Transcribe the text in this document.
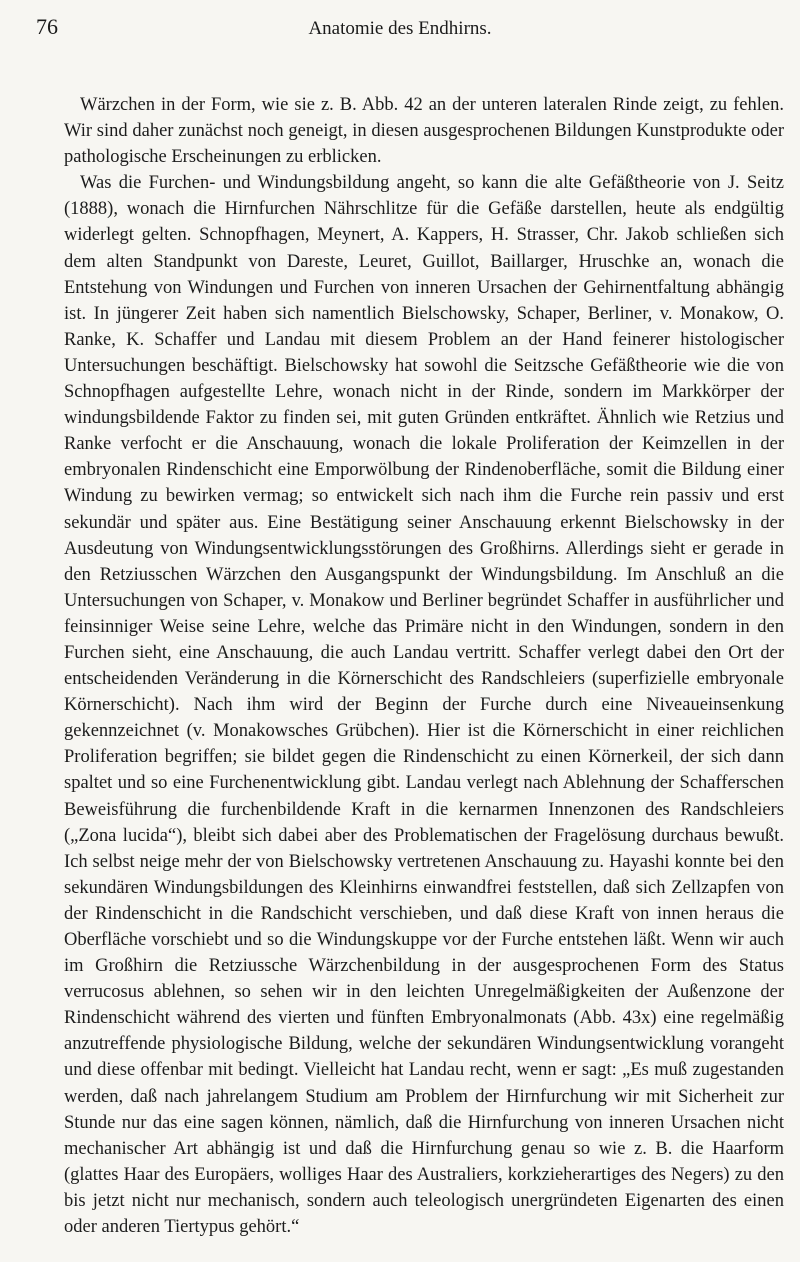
76	Anatomie des Endhirns.

Wärzchen in der Form, wie sie z. B. Abb. 42 an der unteren lateralen Rinde zeigt, zu fehlen. Wir sind daher zunächst noch geneigt, in diesen ausgesprochenen Bildungen Kunstprodukte oder pathologische Erscheinungen zu erblicken.

Was die Furchen- und Windungsbildung angeht, so kann die alte Gefäßtheorie von J. Seitz (1888), wonach die Hirnfurchen Nährschlitze für die Gefäße darstellen, heute als endgültig widerlegt gelten. Schnopfhagen, Meynert, A. Kappers, H. Strasser, Chr. Jakob schließen sich dem alten Standpunkt von Dareste, Leuret, Guillot, Baillarger, Hruschke an, wonach die Entstehung von Windungen und Furchen von inneren Ursachen der Gehirnentfaltung abhängig ist. In jüngerer Zeit haben sich namentlich Bielschowsky, Schaper, Berliner, v. Monakow, O. Ranke, K. Schaffer und Landau mit diesem Problem an der Hand feinerer histologischer Untersuchungen beschäftigt. Bielschowsky hat sowohl die Seitzsche Gefäßtheorie wie die von Schnopfhagen aufgestellte Lehre, wonach nicht in der Rinde, sondern im Markkörper der windungsbildende Faktor zu finden sei, mit guten Gründen entkräftet. Ähnlich wie Retzius und Ranke verfocht er die Anschauung, wonach die lokale Proliferation der Keimzellen in der embryonalen Rindenschicht eine Emporwölbung der Rindenoberfläche, somit die Bildung einer Windung zu bewirken vermag; so entwickelt sich nach ihm die Furche rein passiv und erst sekundär und später aus. Eine Bestätigung seiner Anschauung erkennt Bielschowsky in der Ausdeutung von Windungsentwicklungsstörungen des Großhirns. Allerdings sieht er gerade in den Retziusschen Wärzchen den Ausgangspunkt der Windungsbildung. Im Anschluß an die Untersuchungen von Schaper, v. Monakow und Berliner begründet Schaffer in ausführlicher und feinsinniger Weise seine Lehre, welche das Primäre nicht in den Windungen, sondern in den Furchen sieht, eine Anschauung, die auch Landau vertritt. Schaffer verlegt dabei den Ort der entscheidenden Veränderung in die Körnerschicht des Randschleiers (superfizielle embryonale Körnerschicht). Nach ihm wird der Beginn der Furche durch eine Niveaueinsenkung gekennzeichnet (v. Monakowsches Grübchen). Hier ist die Körnerschicht in einer reichlichen Proliferation begriffen; sie bildet gegen die Rindenschicht zu einen Körnerkeil, der sich dann spaltet und so eine Furchenentwicklung gibt. Landau verlegt nach Ablehnung der Schafferschen Beweisführung die furchenbildende Kraft in die kernarmen Innenzonen des Randschleiers („Zona lucida“), bleibt sich dabei aber des Problematischen der Fragelösung durchaus bewußt. Ich selbst neige mehr der von Bielschowsky vertretenen Anschauung zu. Hayashi konnte bei den sekundären Windungsbildungen des Kleinhirns einwandfrei feststellen, daß sich Zellzapfen von der Rindenschicht in die Randschicht verschieben, und daß diese Kraft von innen heraus die Oberfläche vorschiebt und so die Windungskuppe vor der Furche entstehen läßt. Wenn wir auch im Großhirn die Retziussche Wärzchenbildung in der ausgesprochenen Form des Status verrucosus ablehnen, so sehen wir in den leichten Unregelmäßigkeiten der Außenzone der Rindenschicht während des vierten und fünften Embryonalmonats (Abb. 43x) eine regelmäßig anzutreffende physiologische Bildung, welche der sekundären Windungsentwicklung vorangeht und diese offenbar mit bedingt. Vielleicht hat Landau recht, wenn er sagt: „Es muß zugestanden werden, daß nach jahrelangem Studium am Problem der Hirnfurchung wir mit Sicherheit zur Stunde nur das eine sagen können, nämlich, daß die Hirnfurchung von inneren Ursachen nicht mechanischer Art abhängig ist und daß die Hirnfurchung genau so wie z. B. die Haarform (glattes Haar des Europäers, wolliges Haar des Australiers, korkzieherartiges des Negers) zu den bis jetzt nicht nur mechanisch, sondern auch teleologisch unergründeten Eigenarten des einen oder anderen Tiertypus gehört.“
